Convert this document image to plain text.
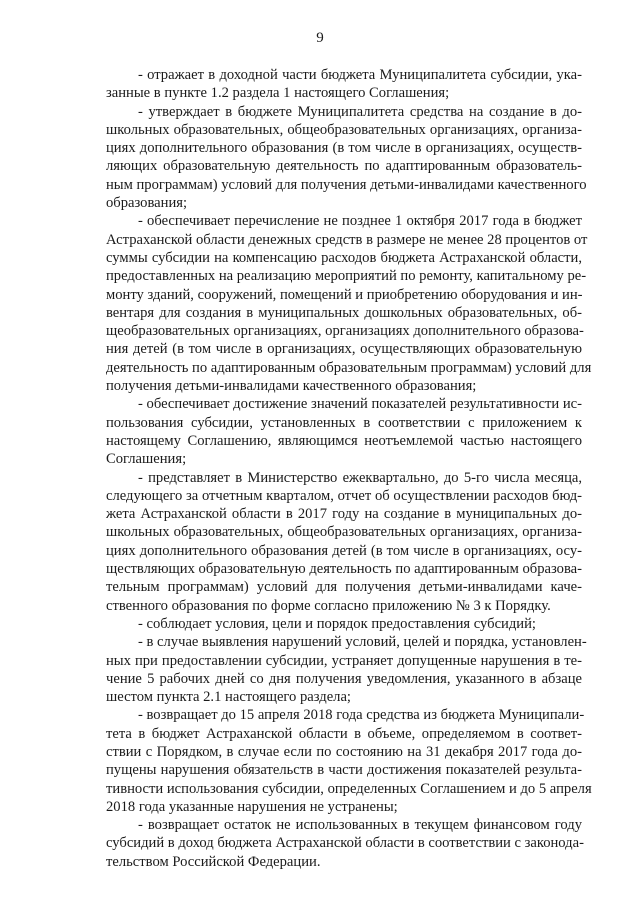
9
- отражает в доходной части бюджета Муниципалитета субсидии, ука-
занные в пункте 1.2 раздела 1 настоящего Соглашения;
- утверждает в бюджете Муниципалитета средства на создание в до-
школьных образовательных, общеобразовательных организациях, организа-
циях дополнительного образования (в том числе в организациях, осуществ-
ляющих образовательную деятельность по адаптированным образователь-
ным программам) условий для получения детьми-инвалидами качественного
образования;
- обеспечивает перечисление не позднее 1 октября 2017 года в бюджет
Астраханской области денежных средств в размере не менее 28 процентов от
суммы субсидии на компенсацию расходов бюджета Астраханской области,
предоставленных на реализацию мероприятий по ремонту, капитальному ре-
монту зданий, сооружений, помещений и приобретению оборудования и ин-
вентаря для создания в муниципальных дошкольных образовательных, об-
щеобразовательных организациях, организациях дополнительного образова-
ния детей (в том числе в организациях, осуществляющих образовательную
деятельность по адаптированным образовательным программам) условий для
получения детьми-инвалидами качественного образования;
- обеспечивает достижение значений показателей результативности ис-
пользования субсидии, установленных в соответствии с приложением к
настоящему Соглашению, являющимся неотъемлемой частью настоящего
Соглашения;
- представляет в Министерство ежеквартально, до 5-го числа месяца,
следующего за отчетным кварталом, отчет об осуществлении расходов бюд-
жета Астраханской области в 2017 году на создание в муниципальных до-
школьных образовательных, общеобразовательных организациях, организа-
циях дополнительного образования детей (в том числе в организациях, осу-
ществляющих образовательную деятельность по адаптированным образова-
тельным программам) условий для получения детьми-инвалидами каче-
ственного образования по форме согласно приложению № 3 к Порядку.
- соблюдает условия, цели и порядок предоставления субсидий;
- в случае выявления нарушений условий, целей и порядка, установлен-
ных при предоставлении субсидии, устраняет допущенные нарушения в те-
чение 5 рабочих дней со дня получения уведомления, указанного в абзаце
шестом пункта 2.1 настоящего раздела;
- возвращает до 15 апреля 2018 года средства из бюджета Муниципали-
тета в бюджет Астраханской области в объеме, определяемом в соответ-
ствии с Порядком, в случае если по состоянию на 31 декабря 2017 года до-
пущены нарушения обязательств в части достижения показателей результа-
тивности использования субсидии, определенных Соглашением и до 5 апреля
2018 года указанные нарушения не устранены;
- возвращает остаток не использованных в текущем финансовом году
субсидий в доход бюджета Астраханской области в соответствии с законода-
тельством Российской Федерации.
